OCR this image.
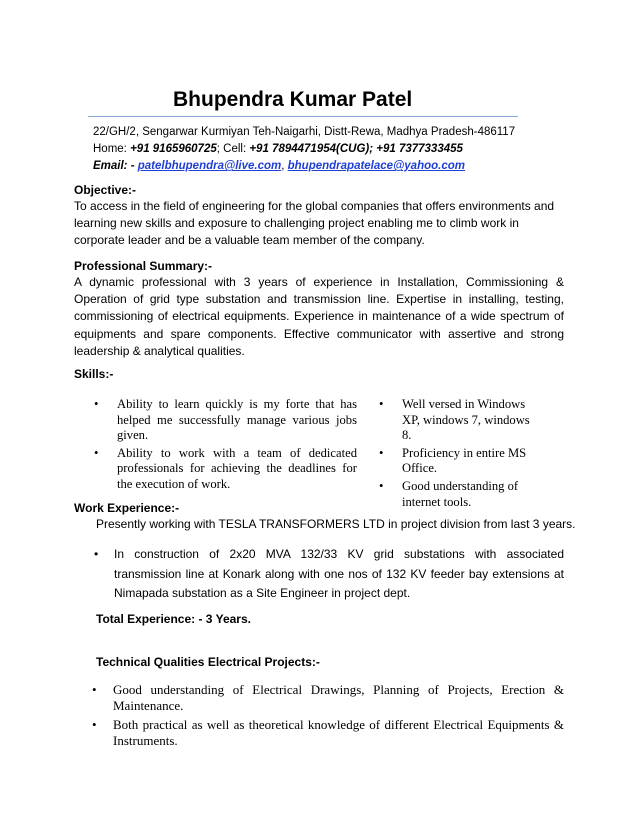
Bhupendra Kumar Patel
22/GH/2, Sengarwar Kurmiyan Teh-Naigarhi, Distt-Rewa, Madhya Pradesh-486117
Home: +91 9165960725; Cell: +91 7894471954(CUG); +91 7377333455
Email: - patelbhupendra@live.com, bhupendrapatelace@yahoo.com
Objective:-
To access in the field of engineering for the global companies that offers environments and learning new skills and exposure to challenging project enabling me to climb work in corporate leader and be a valuable team member of the company.
Professional Summary:-
A dynamic professional with 3 years of experience in Installation, Commissioning & Operation of grid type substation and transmission line. Expertise in installing, testing, commissioning of electrical equipments. Experience in maintenance of a wide spectrum of equipments and spare components. Effective communicator with assertive and strong leadership & analytical qualities.
Skills:-
• Ability to learn quickly is my forte that has helped me successfully manage various jobs given.
• Ability to work with a team of dedicated professionals for achieving the deadlines for the execution of work.
• Well versed in Windows XP, windows 7, windows 8.
• Proficiency in entire MS Office.
• Good understanding of internet tools.
Work Experience:-
Presently working with TESLA TRANSFORMERS LTD in project division from last 3 years.
• In construction of 2x20 MVA 132/33 KV grid substations with associated transmission line at Konark along with one nos of 132 KV feeder bay extensions at Nimapada substation as a Site Engineer in project dept.
Total Experience: - 3 Years.
Technical Qualities Electrical Projects:-
• Good understanding of Electrical Drawings, Planning of Projects, Erection & Maintenance.
• Both practical as well as theoretical knowledge of different Electrical Equipments & Instruments.
